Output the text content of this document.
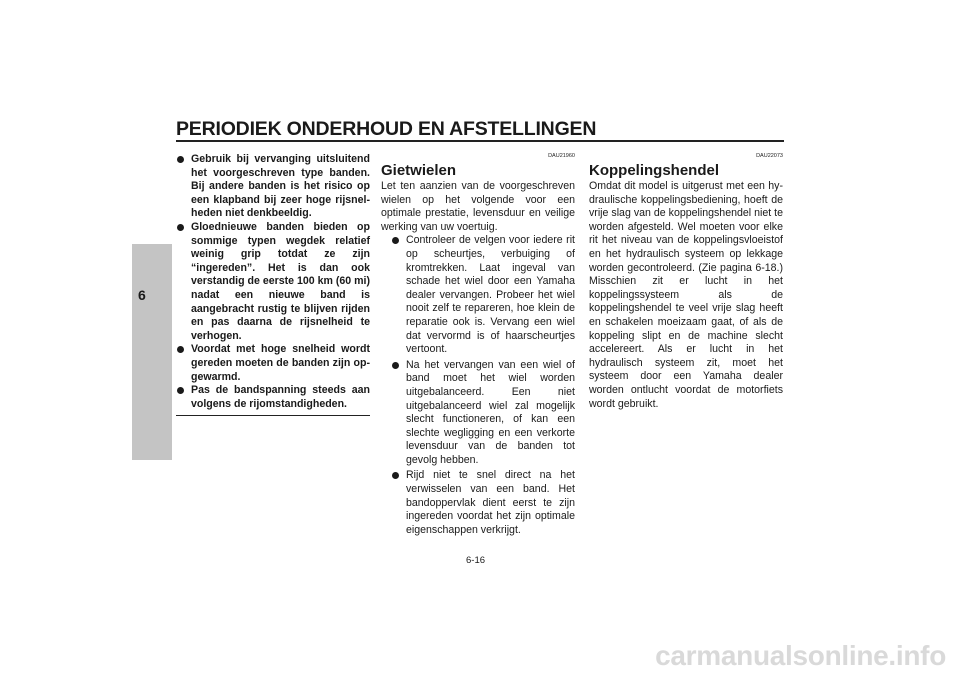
PERIODIEK ONDERHOUD EN AFSTELLINGEN
6
Gebruik bij vervanging uitsluitend het voorgeschreven type banden. Bij andere banden is het risico op een klapband bij zeer hoge rijsnelheden niet denkbeeldig.
Gloednieuwe banden bieden op sommige typen wegdek relatief weinig grip totdat ze zijn “ingereden”. Het is dan ook verstandig de eerste 100 km (60 mi) nadat een nieuwe band is aangebracht rustig te blijven rijden en pas daarna de rijsnelheid te verhogen.
Voordat met hoge snelheid wordt gereden moeten de banden zijn opgewarmd.
Pas de bandspanning steeds aan volgens de rijomstandigheden.
DAU21960
Gietwielen
Let ten aanzien van de voorgeschreven wielen op het volgende voor een optimale prestatie, levensduur en veilige werking van uw voertuig.
Controleer de velgen voor iedere rit op scheurtjes, verbuiging of kromtrekken. Laat ingeval van schade het wiel door een Yamaha dealer vervangen. Probeer het wiel nooit zelf te repareren, hoe klein de reparatie ook is. Vervang een wiel dat vervormd is of haarscheurtjes vertoont.
Na het vervangen van een wiel of band moet het wiel worden uitgebalanceerd. Een niet uitgebalanceerd wiel zal mogelijk slecht functioneren, of kan een slechte wegligging en een verkorte levensduur van de banden tot gevolg hebben.
Rijd niet te snel direct na het verwisselen van een band. Het bandoppervlak dient eerst te zijn ingereden voordat het zijn optimale eigenschappen verkrijgt.
DAU22073
Koppelingshendel
Omdat dit model is uitgerust met een hydraulische koppelingsbediening, hoeft de vrije slag van de koppelingshendel niet te worden afgesteld. Wel moeten voor elke rit het niveau van de koppelingsvloeistof en het hydraulisch systeem op lekkage worden gecontroleerd. (Zie pagina 6-18.) Misschien zit er lucht in het koppelingssysteem als de koppelingshendel te veel vrije slag heeft en schakelen moeizaam gaat, of als de koppeling slipt en de machine slecht accelereert. Als er lucht in het hydraulisch systeem zit, moet het systeem door een Yamaha dealer worden ontlucht voordat de motorfiets wordt gebruikt.
6-16
carmanualsonline.info
